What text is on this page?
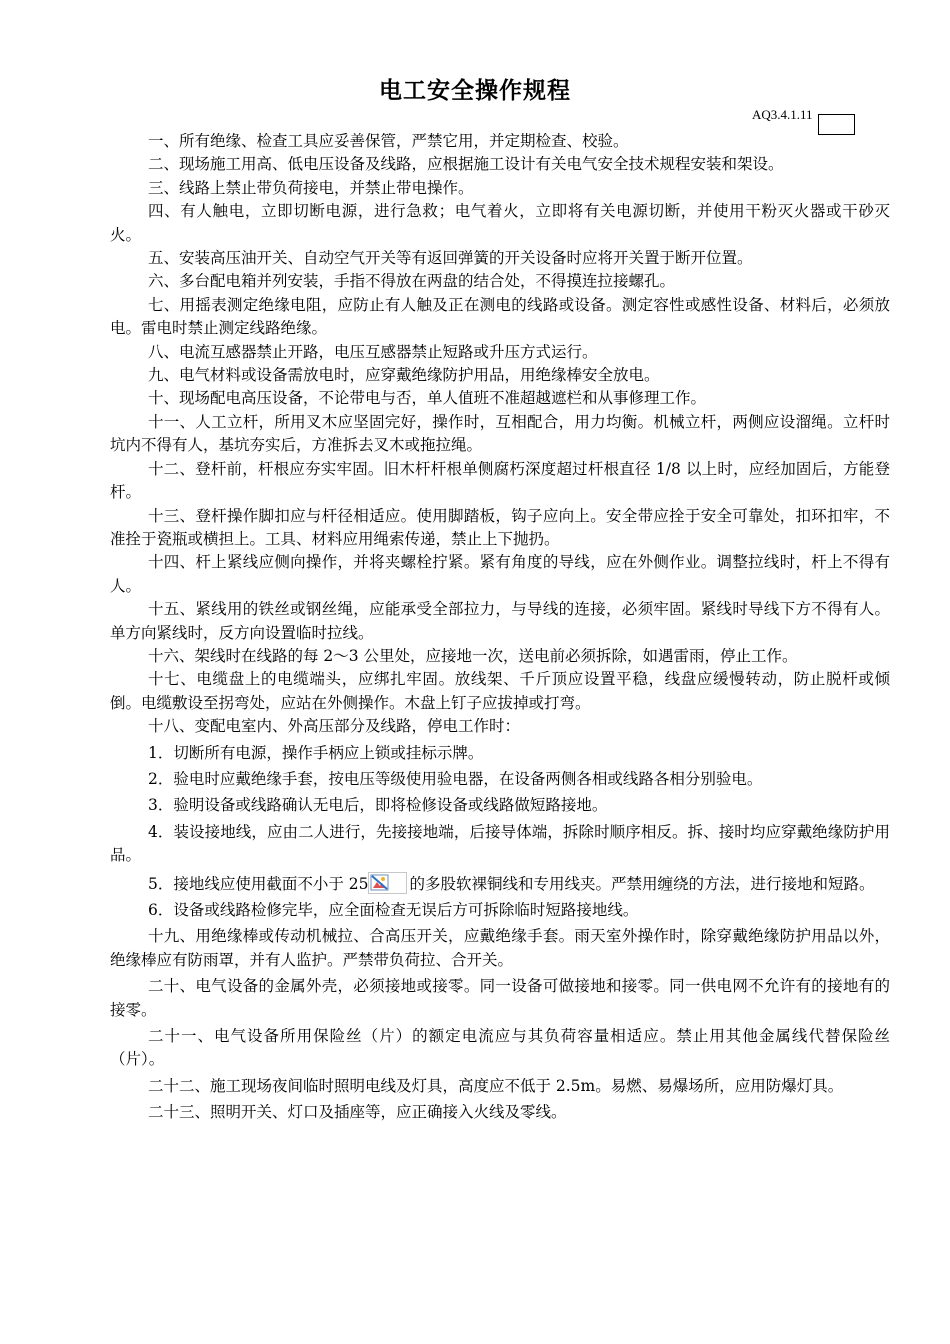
电工安全操作规程
AQ3.4.1.11

一、所有绝缘、检查工具应妥善保管，严禁它用，并定期检查、校验。

二、现场施工用高、低电压设备及线路，应根据施工设计有关电气安全技术规程安装和架设。

三、线路上禁止带负荷接电，并禁止带电操作。

四、有人触电，立即切断电源，进行急救；电气着火，立即将有关电源切断，并使用干粉灭火器或干砂灭火。

五、安装高压油开关、自动空气开关等有返回弹簧的开关设备时应将开关置于断开位置。

六、多台配电箱并列安装，手指不得放在两盘的结合处，不得摸连拉接螺孔。

七、用摇表测定绝缘电阻，应防止有人触及正在测电的线路或设备。测定容性或感性设备、材料后，必须放电。雷电时禁止测定线路绝缘。

八、电流互感器禁止开路，电压互感器禁止短路或升压方式运行。

九、电气材料或设备需放电时，应穿戴绝缘防护用品，用绝缘棒安全放电。

十、现场配电高压设备，不论带电与否，单人值班不准超越遮栏和从事修理工作。

十一、人工立杆，所用叉木应坚固完好，操作时，互相配合，用力均衡。机械立杆，两侧应设溜绳。立杆时坑内不得有人，基坑夯实后，方准拆去叉木或拖拉绳。

十二、登杆前，杆根应夯实牢固。旧木杆杆根单侧腐朽深度超过杆根直径 1/8 以上时，应经加固后，方能登杆。

十三、登杆操作脚扣应与杆径相适应。使用脚踏板，钩子应向上。安全带应拴于安全可靠处，扣环扣牢，不准拴于瓷瓶或横担上。工具、材料应用绳索传递，禁止上下抛扔。

十四、杆上紧线应侧向操作，并将夹螺栓拧紧。紧有角度的导线，应在外侧作业。调整拉线时，杆上不得有人。

十五、紧线用的铁丝或钢丝绳，应能承受全部拉力，与导线的连接，必须牢固。紧线时导线下方不得有人。单方向紧线时，反方向设置临时拉线。

十六、架线时在线路的每 2～3 公里处，应接地一次，送电前必须拆除，如遇雷雨，停止工作。

十七、电缆盘上的电缆端头，应绑扎牢固。放线架、千斤顶应设置平稳，线盘应缓慢转动，防止脱杆或倾倒。电缆敷设至拐弯处，应站在外侧操作。木盘上钉子应拔掉或打弯。

十八、变配电室内、外高压部分及线路，停电工作时：

1．切断所有电源，操作手柄应上锁或挂标示牌。

2．验电时应戴绝缘手套，按电压等级使用验电器，在设备两侧各相或线路各相分别验电。

3．验明设备或线路确认无电后，即将检修设备或线路做短路接地。

4．装设接地线，应由二人进行，先接接地端，后接导体端，拆除时顺序相反。拆、接时均应穿戴绝缘防护用品。

5．接地线应使用截面不小于 25	的多股软裸铜线和专用线夹。严禁用缠绕的方法，进行接地和短路。

6．设备或线路检修完毕，应全面检查无误后方可拆除临时短路接地线。

十九、用绝缘棒或传动机械拉、合高压开关，应戴绝缘手套。雨天室外操作时，除穿戴绝缘防护用品以外，绝缘棒应有防雨罩，并有人监护。严禁带负荷拉、合开关。

二十、电气设备的金属外壳，必须接地或接零。同一设备可做接地和接零。同一供电网不允许有的接地有的接零。

二十一、电气设备所用保险丝（片）的额定电流应与其负荷容量相适应。禁止用其他金属线代替保险丝（片）。

二十二、施工现场夜间临时照明电线及灯具，高度应不低于 2.5m。易燃、易爆场所，应用防爆灯具。

二十三、照明开关、灯口及插座等，应正确接入火线及零线。
